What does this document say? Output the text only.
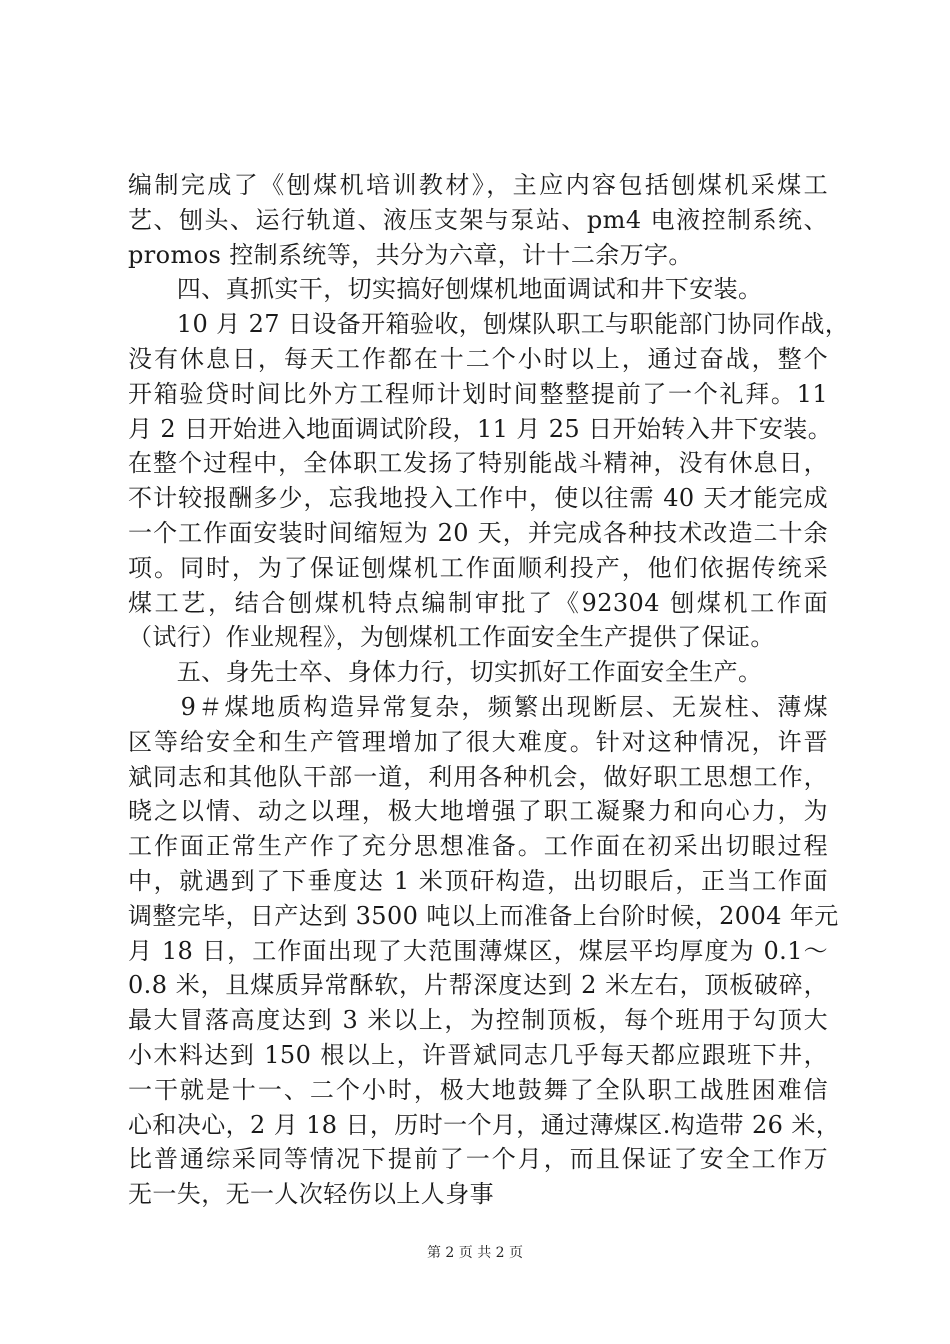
编制完成了《刨煤机培训教材》，主应内容包括刨煤机采煤工
艺、刨头、运行轨道、液压支架与泵站、pm4 电液控制系统、
promos 控制系统等，共分为六章，计十二余万字。
　　四、真抓实干，切实搞好刨煤机地面调试和井下安装。
　　10 月 27 日设备开箱验收，刨煤队职工与职能部门协同作战，
没有休息日，每天工作都在十二个小时以上，通过奋战，整个
开箱验贷时间比外方工程师计划时间整整提前了一个礼拜。11
月 2 日开始进入地面调试阶段，11 月 25 日开始转入井下安装。
在整个过程中，全体职工发扬了特别能战斗精神，没有休息日，
不计较报酬多少，忘我地投入工作中，使以往需 40 天才能完成
一个工作面安装时间缩短为 20 天，并完成各种技术改造二十余
项。同时，为了保证刨煤机工作面顺利投产，他们依据传统采
煤工艺，结合刨煤机特点编制审批了《92304 刨煤机工作面
（试行）作业规程》，为刨煤机工作面安全生产提供了保证。
　　五、身先士卒、身体力行，切实抓好工作面安全生产。
　　9＃煤地质构造异常复杂，频繁出现断层、无炭柱、薄煤
区等给安全和生产管理增加了很大难度。针对这种情况，许晋
斌同志和其他队干部一道，利用各种机会，做好职工思想工作，
晓之以情、动之以理，极大地增强了职工凝聚力和向心力，为
工作面正常生产作了充分思想准备。工作面在初采出切眼过程
中，就遇到了下垂度达 1 米顶矸构造，出切眼后，正当工作面
调整完毕，日产达到 3500 吨以上而准备上台阶时候，2004 年元
月 18 日，工作面出现了大范围薄煤区，煤层平均厚度为 0.1～
0.8 米，且煤质异常酥软，片帮深度达到 2 米左右，顶板破碎，
最大冒落高度达到 3 米以上，为控制顶板，每个班用于勾顶大
小木料达到 150 根以上，许晋斌同志几乎每天都应跟班下井，
一干就是十一、二个小时，极大地鼓舞了全队职工战胜困难信
心和决心，2 月 18 日，历时一个月，通过薄煤区.构造带 26 米，
比普通综采同等情况下提前了一个月，而且保证了安全工作万
无一失，无一人次轻伤以上人身事
第 2 页 共 2 页
